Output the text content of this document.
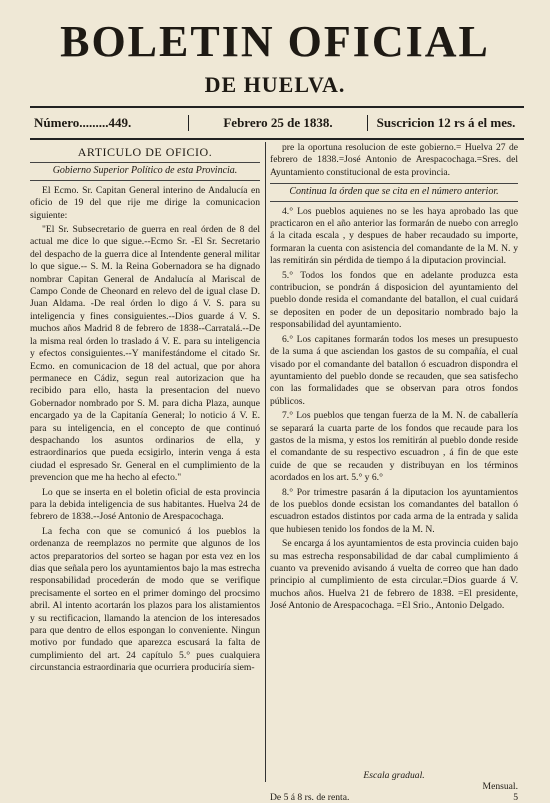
BOLETIN OFICIAL
DE HUELVA.
Número.........449.	Febrero 25 de 1838.	Suscricion 12 rs á el mes.
ARTICULO DE OFICIO.
Gobierno Superior Político de esta Provincia.

El Ecmo. Sr. Capitan General interino de Andalucía en oficio de 19 del que rije me dirige la comunicacion siguiente:

"El Sr. Subsecretario de guerra en real órden de 8 del actual me dice lo que sigue.--Ecmo Sr. -El Sr. Secretario del despacho de la guerra dice al Intendente general militar lo que sigue.-- S. M. la Reina Gobernadora se ha dignado nombrar Capitan General de Andalucía al Mariscal de Campo Conde de Cheonard en relevo del de igual clase D. Juan Aldama. -De real órden lo digo á V. S. para su inteligencia y fines consiguientes.--Dios guarde á V. S. muchos años Madrid 8 de febrero de 1838--Carratalá.--De la misma real órden lo traslado á V. E. para su inteligencia y efectos consiguientes.--Y manifestándome el citado Sr. Ecmo. en comunicacion de 18 del actual, que por ahora permanece en Cádiz, segun real autorizacion que ha recibido para ello, hasta la presentacion del nuevo Gobernador nombrado por S. M. para dicha Plaza, aunque encargado ya de la Capitanía General; lo noticio á V. E. para su inteligencia, en el concepto de que continuó despachando los asuntos ordinarios de ella, y estraordinarios que pueda ecsigirlo, interin venga á esta ciudad el espresado Sr. General en el cumplimiento de la prevencion que me ha hecho al efecto."

Lo que se inserta en el boletin oficial de esta provincia para la debida inteligencia de sus habitantes. Huelva 24 de febrero de 1838.--José Antonio de Arespacochaga.

La fecha con que se comunicó á los pueblos la ordenanza de reemplazos no permite que algunos de los actos preparatorios del sorteo se hagan por esta vez en los dias que señala pero los ayuntamientos bajo la mas estrecha responsabilidad procederán de modo que se verifique precisamente el sorteo en el primer domingo del procsimo abril. Al intento acortarán los plazos para los alistamientos y su rectificacion, llamando la atencion de los interesados para que dentro de ellos espongan lo conveniente. Ningun motivo por fundado que aparezca escusará la falta de cumplimiento del art. 24 capítulo 5.° pues cualquiera circunstancia estraordinaria que ocurriera produciría siem-

pre la oportuna resolucion de este gobierno.= Huelva 27 de febrero de 1838.=José Antonio de Arespacochaga.=Sres. del Ayuntamiento constitucional de esta provincia.

Continua la órden que se cita en el número anterior.

4.° Los pueblos aquienes no se les haya aprobado las que practicaron en el año anterior las formarán de nuebo con arreglo á la citada escala , y despues de haber recaudado su importe, formaran la cuenta con asistencia del comandante de la M. N. y las remitirán sin pérdida de tiempo á la diputacion provincial.

5.° Todos los fondos que en adelante produzca esta contribucion, se pondrán á disposicion del ayuntamiento del pueblo donde resida el comandante del batallon, el cual cuidará se depositen en poder de un depositario nombrado bajo la responsabilidad del ayuntamiento.

6.° Los capitanes formarán todos los meses un presupuesto de la suma á que asciendan los gastos de su compañía, el cual visado por el comandante del batallon ó escuadron dispondra el ayuntamiento del pueblo donde se recauden, que sea satisfecho con las formalidades que se observan para otros fondos públicos.

7.° Los pueblos que tengan fuerza de la M. N. de caballería se separará la cuarta parte de los fondos que recaude para los gastos de la misma, y estos los remitirán al pueblo donde reside el comandante de su respectivo escuadron , á fin de que este cuide de que se recauden y distribuyan en los términos acordados en los art. 5.° y 6.°

8.° Por trimestre pasarán á la diputacion los ayuntamientos de los pueblos donde ecsistan los comandantes del batallon ó escuadron estados distintos por cada arma de la entrada y salida que hubiesen tenido los fondos de la M. N.

Se encarga á los ayuntamientos de esta provincia cuiden bajo su mas estrecha responsabilidad de dar cabal cumplimiento á cuanto va prevenido avisando á vuelta de correo que han dado principio al cumplimiento de esta circular.=Dios guarde á V. muchos años. Huelva 21 de febrero de 1838. =El presidente, José Antonio de Arespacochaga. =El Srio., Antonio Delgado.

Escala gradual.
Mensual.
De 5 á 8 rs. de renta.	5
